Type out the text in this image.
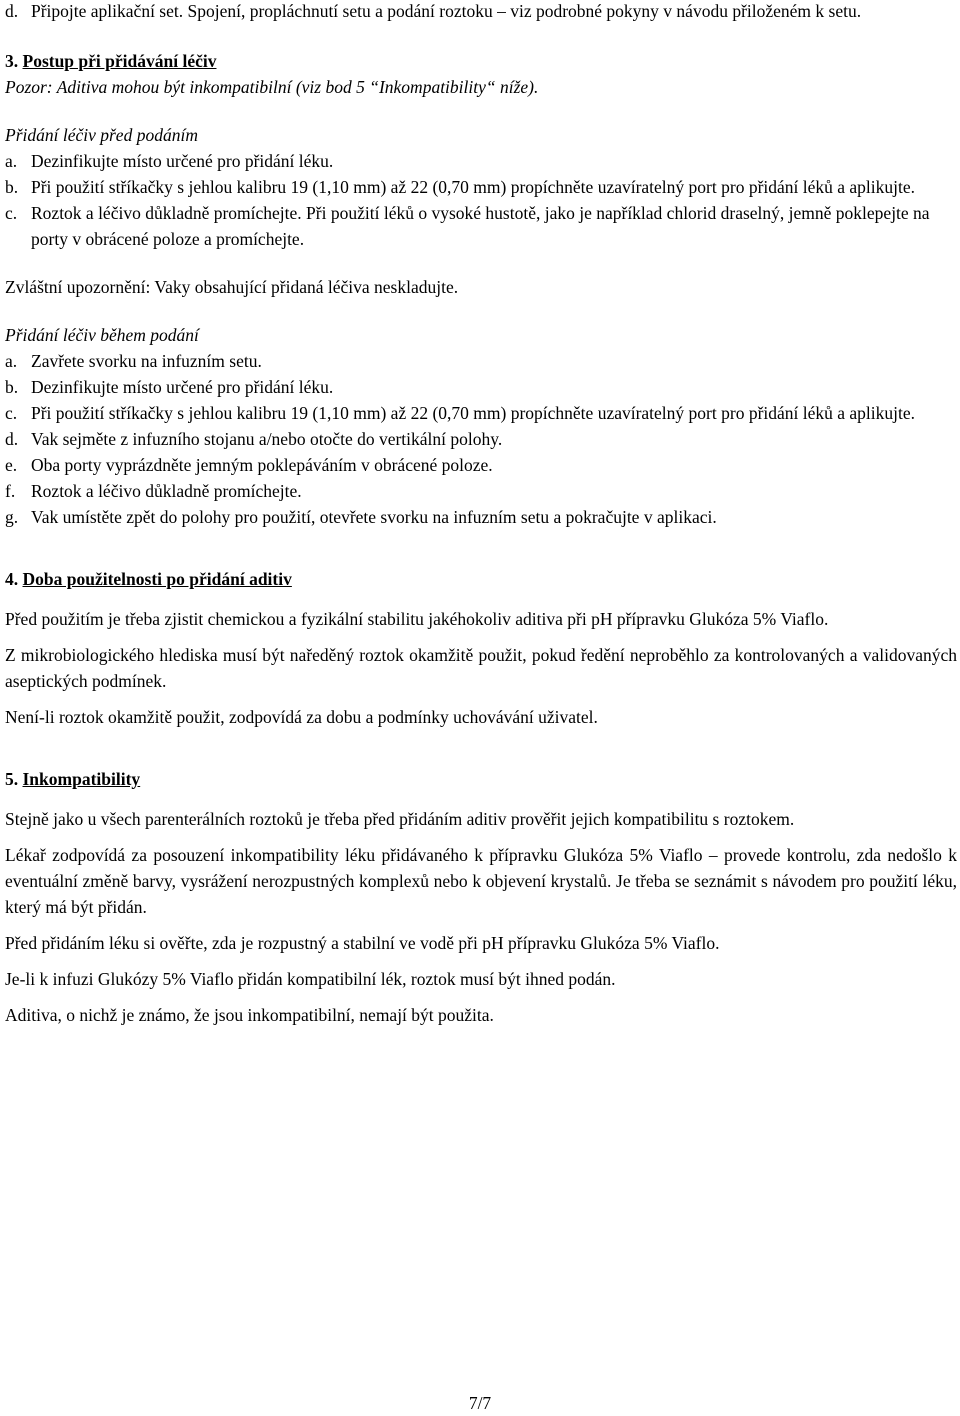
d. Připojte aplikační set. Spojení, propláchnutí setu a podání roztoku – viz podrobné pokyny v návodu přiloženém k setu.
3. Postup při přidávání léčiv
Pozor: Aditiva mohou být inkompatibilní (viz bod 5 “Inkompatibility“ níže).
Přidání léčiv před podáním
a. Dezinfikujte místo určené pro přidání léku.
b. Při použití stříkačky s jehlou kalibru 19 (1,10 mm) až 22 (0,70 mm) propíchněte uzavíratelný port pro přidání léků a aplikujte.
c. Roztok a léčivo důkladně promíchejte. Při použití léků o vysoké hustotě, jako je například chlorid draselný, jemně poklepejte na porty v obrácené poloze a promíchejte.
Zvláštní upozornění: Vaky obsahující přidaná léčiva neskladujte.
Přidání léčiv během podání
a. Zavřete svorku na infuzním setu.
b. Dezinfikujte místo určené pro přidání léku.
c. Při použití stříkačky s jehlou kalibru 19 (1,10 mm) až 22 (0,70 mm) propíchněte uzavíratelný port pro přidání léků a aplikujte.
d. Vak sejměte z infuzního stojanu a/nebo otočte do vertikální polohy.
e. Oba porty vyprázdněte jemným poklepáváním v obrácené poloze.
f. Roztok a léčivo důkladně promíchejte.
g. Vak umístěte zpět do polohy pro použití, otevřete svorku na infuzním setu a pokračujte v aplikaci.
4. Doba použitelnosti po přidání aditiv

Před použitím je třeba zjistit chemickou a fyzikální stabilitu jakéhokoliv aditiva při pH přípravku Glukóza 5% Viaflo.

Z mikrobiologického hlediska musí být naředěný roztok okamžitě použit, pokud ředění neproběhlo za kontrolovaných a validovaných aseptických podmínek.

Není-li roztok okamžitě použit, zodpovídá za dobu a podmínky uchovávání uživatel.

5. Inkompatibility

Stejně jako u všech parenterálních roztoků je třeba před přidáním aditiv prověřit jejich kompatibilitu s roztokem.

Lékař zodpovídá za posouzení inkompatibility léku přidávaného k přípravku Glukóza 5% Viaflo – provede kontrolu, zda nedošlo k eventuální změně barvy, vysrážení nerozpustných komplexů nebo k objevení krystalů. Je třeba se seznámit s návodem pro použití léku, který má být přidán.

Před přidáním léku si ověřte, zda je rozpustný a stabilní ve vodě při pH přípravku Glukóza 5% Viaflo.

Je-li k infuzi Glukózy 5% Viaflo přidán kompatibilní lék, roztok musí být ihned podán.

Aditiva, o nichž je známo, že jsou inkompatibilní, nemají být použita.

7/7
